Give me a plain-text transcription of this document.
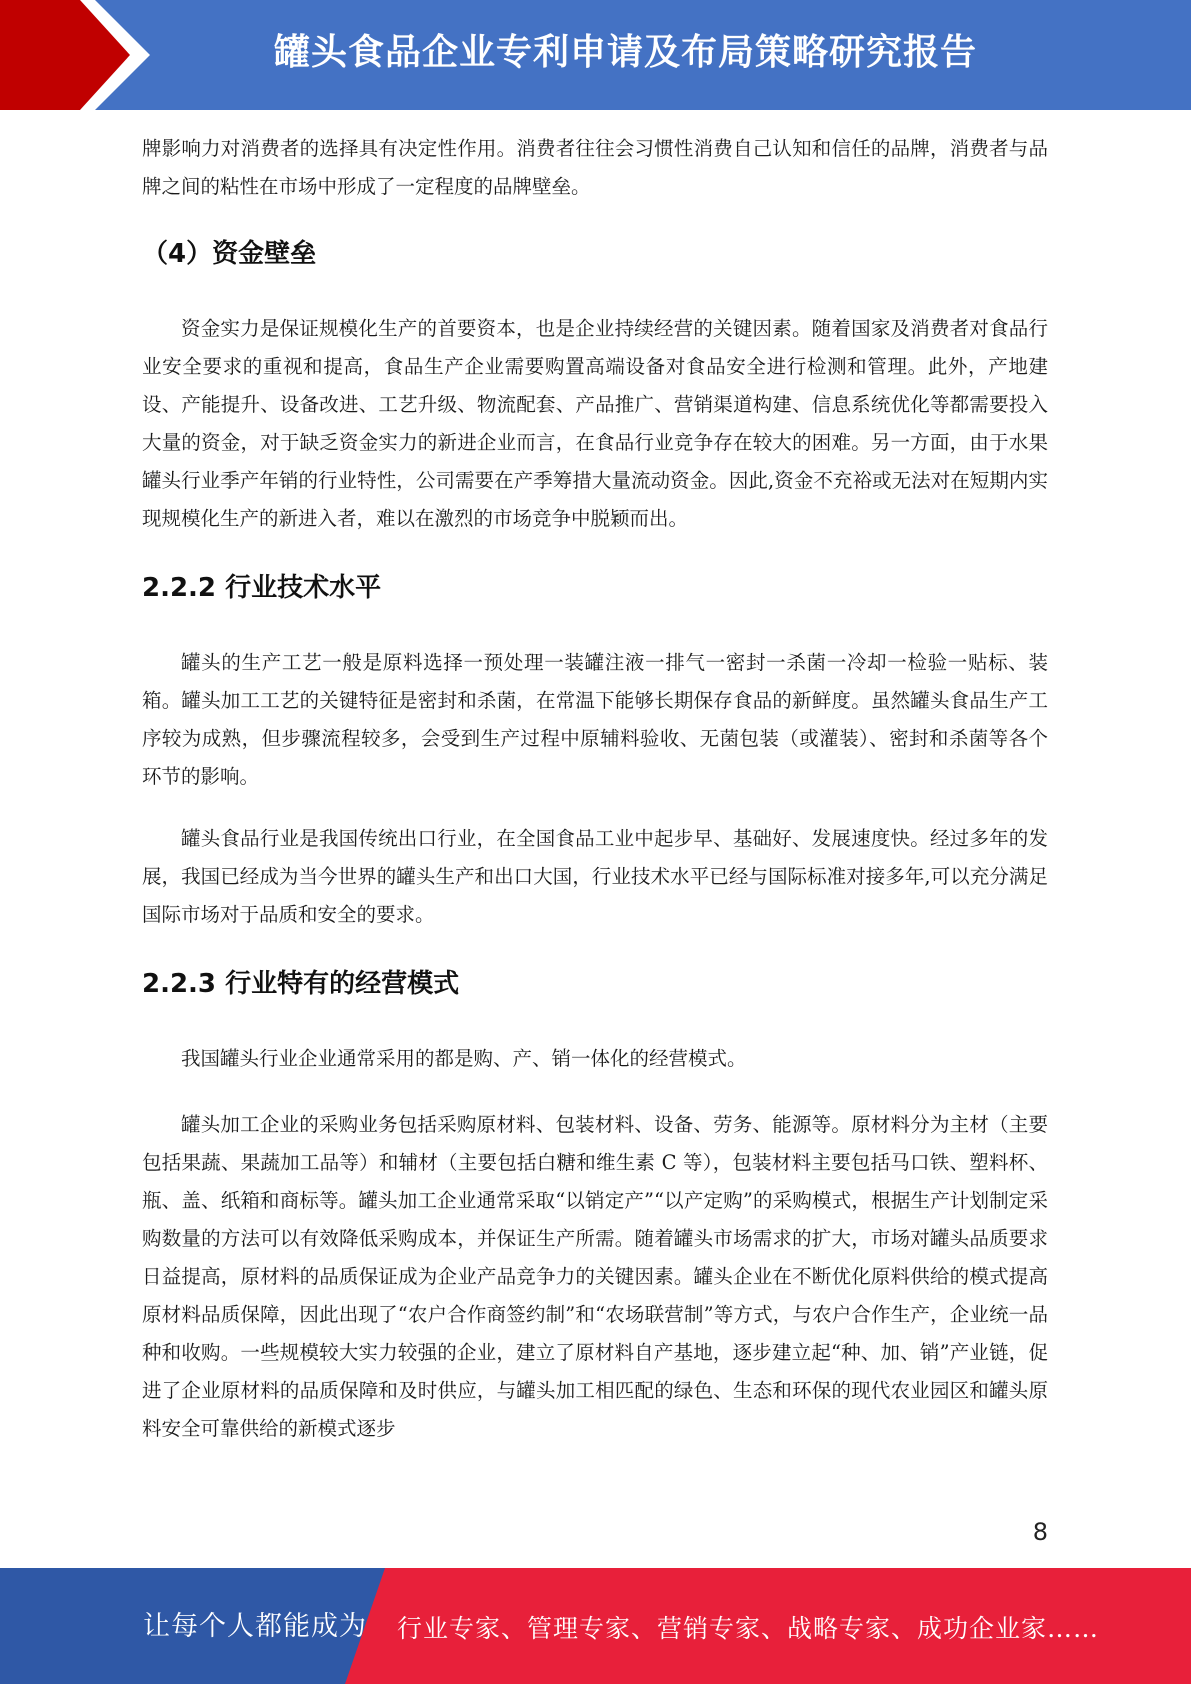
罐头食品企业专利申请及布局策略研究报告

牌影响力对消费者的选择具有决定性作用。消费者往往会习惯性消费自己认知和信任的品牌，消费者与品牌之间的粘性在市场中形成了一定程度的品牌壁垒。

（4）资金壁垒

资金实力是保证规模化生产的首要资本，也是企业持续经营的关键因素。随着国家及消费者对食品行业安全要求的重视和提高，食品生产企业需要购置高端设备对食品安全进行检测和管理。此外，产地建设、产能提升、设备改进、工艺升级、物流配套、产品推广、营销渠道构建、信息系统优化等都需要投入大量的资金，对于缺乏资金实力的新进企业而言，在食品行业竞争存在较大的困难。另一方面，由于水果罐头行业季产年销的行业特性，公司需要在产季筹措大量流动资金。因此,资金不充裕或无法对在短期内实现规模化生产的新进入者，难以在激烈的市场竞争中脱颖而出。

2.2.2 行业技术水平

罐头的生产工艺一般是原料选择一预处理一装罐注液一排气一密封一杀菌一冷却一检验一贴标、装箱。罐头加工工艺的关键特征是密封和杀菌，在常温下能够长期保存食品的新鲜度。虽然罐头食品生产工序较为成熟，但步骤流程较多，会受到生产过程中原辅料验收、无菌包装（或灌装）、密封和杀菌等各个环节的影响。

罐头食品行业是我国传统出口行业，在全国食品工业中起步早、基础好、发展速度快。经过多年的发展，我国已经成为当今世界的罐头生产和出口大国，行业技术水平已经与国际标准对接多年,可以充分满足国际市场对于品质和安全的要求。

2.2.3 行业特有的经营模式

我国罐头行业企业通常采用的都是购、产、销一体化的经营模式。

罐头加工企业的采购业务包括采购原材料、包装材料、设备、劳务、能源等。原材料分为主材（主要包括果蔬、果蔬加工品等）和辅材（主要包括白糖和维生素 C 等），包装材料主要包括马口铁、塑料杯、瓶、盖、纸箱和商标等。罐头加工企业通常采取“以销定产”“以产定购”的采购模式，根据生产计划制定采购数量的方法可以有效降低采购成本，并保证生产所需。随着罐头市场需求的扩大，市场对罐头品质要求日益提高，原材料的品质保证成为企业产品竞争力的关键因素。罐头企业在不断优化原料供给的模式提高原材料品质保障，因此出现了“农户合作商签约制”和“农场联营制”等方式，与农户合作生产，企业统一品种和收购。一些规模较大实力较强的企业，建立了原材料自产基地，逐步建立起“种、加、销”产业链，促进了企业原材料的品质保障和及时供应，与罐头加工相匹配的绿色、生态和环保的现代农业园区和罐头原料安全可靠供给的新模式逐步

8
让每个人都能成为 行业专家、管理专家、营销专家、战略专家、成功企业家……
